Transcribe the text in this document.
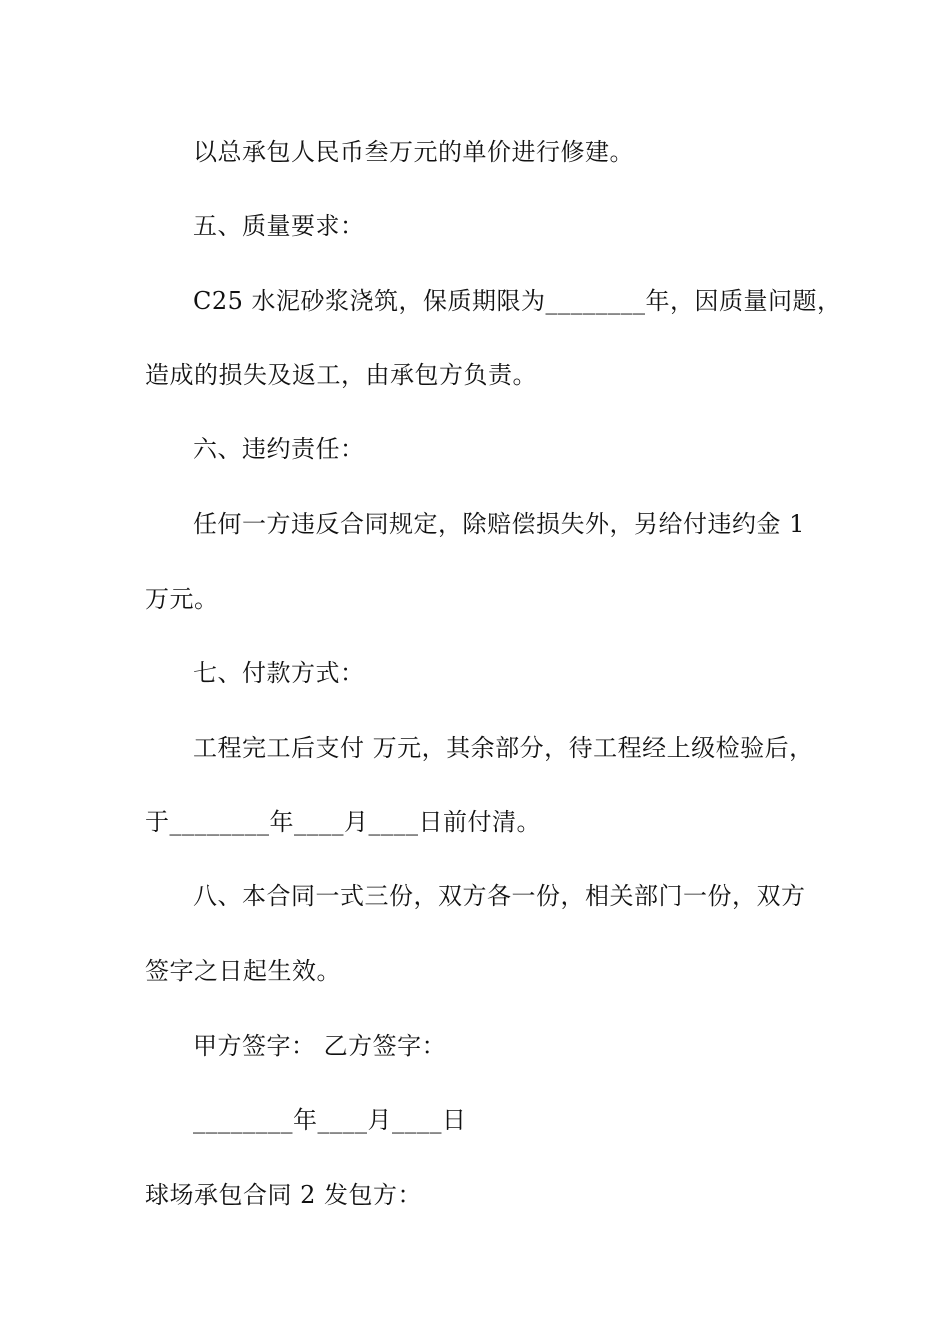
以总承包人民币叁万元的单价进行修建。
五、质量要求：
C25 水泥砂浆浇筑，保质期限为________年，因质量问题，
造成的损失及返工，由承包方负责。
六、违约责任：
任何一方违反合同规定，除赔偿损失外，另给付违约金 1
万元。
七、付款方式：
工程完工后支付 万元，其余部分，待工程经上级检验后，
于________年____月____日前付清。
八、本合同一式三份，双方各一份，相关部门一份，双方
签字之日起生效。
甲方签字： 乙方签字：
________年____月____日
球场承包合同 2 发包方：
